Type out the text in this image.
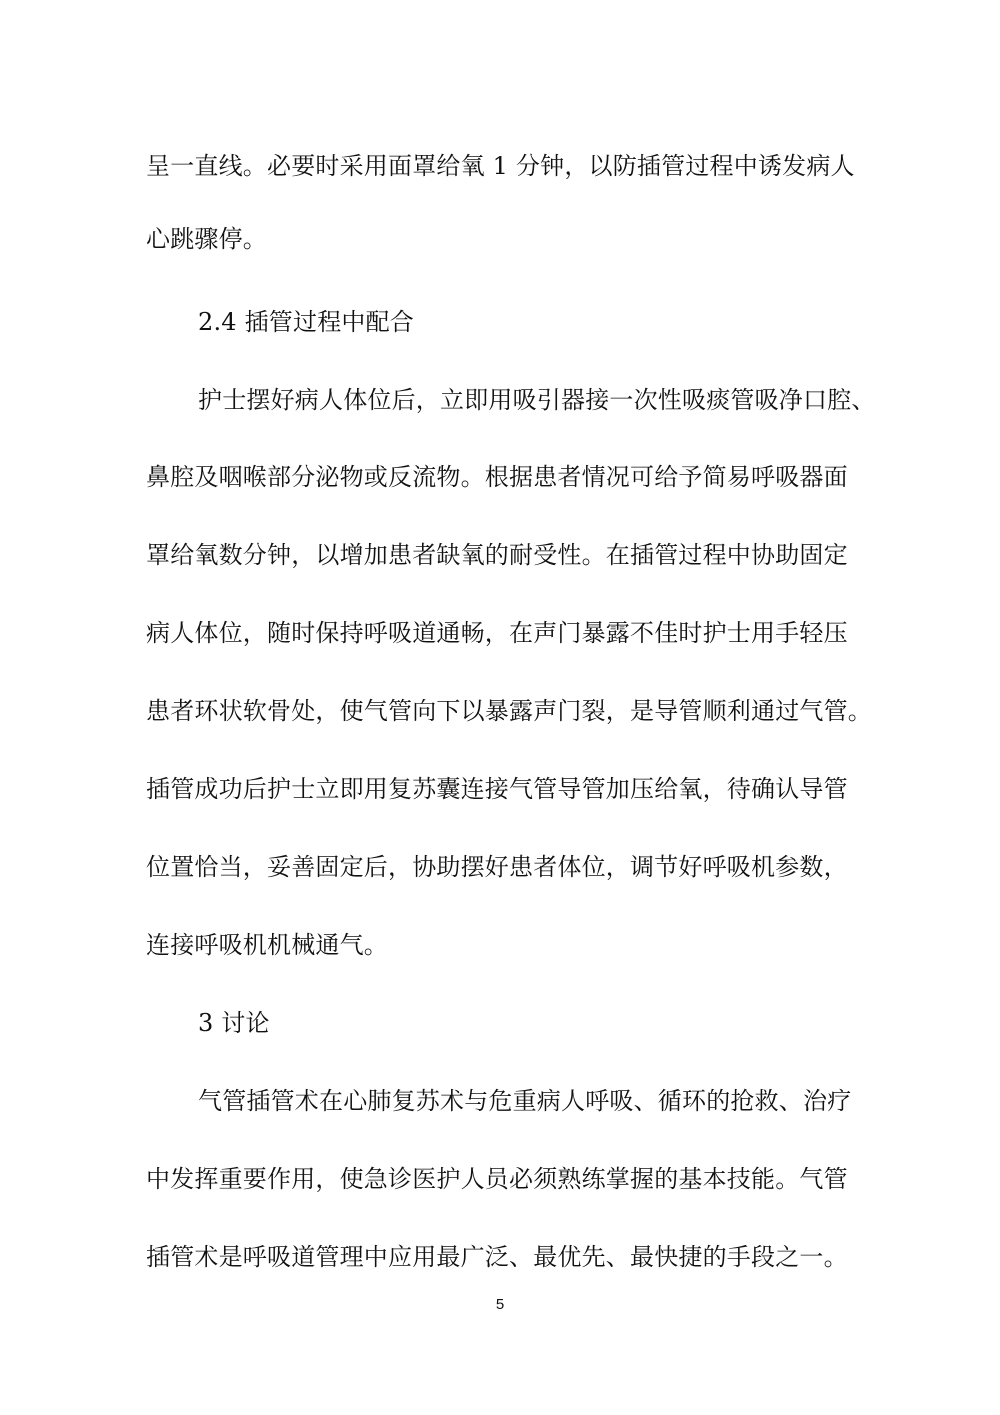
呈一直线。必要时采用面罩给氧 1 分钟，以防插管过程中诱发病人
心跳骤停。
2.4 插管过程中配合
护士摆好病人体位后，立即用吸引器接一次性吸痰管吸净口腔、
鼻腔及咽喉部分泌物或反流物。根据患者情况可给予简易呼吸器面
罩给氧数分钟，以增加患者缺氧的耐受性。在插管过程中协助固定
病人体位，随时保持呼吸道通畅，在声门暴露不佳时护士用手轻压
患者环状软骨处，使气管向下以暴露声门裂，是导管顺利通过气管。
插管成功后护士立即用复苏囊连接气管导管加压给氧，待确认导管
位置恰当，妥善固定后，协助摆好患者体位，调节好呼吸机参数，
连接呼吸机机械通气。
3 讨论
气管插管术在心肺复苏术与危重病人呼吸、循环的抢救、治疗
中发挥重要作用，使急诊医护人员必须熟练掌握的基本技能。气管
插管术是呼吸道管理中应用最广泛、最优先、最快捷的手段之一。
5
